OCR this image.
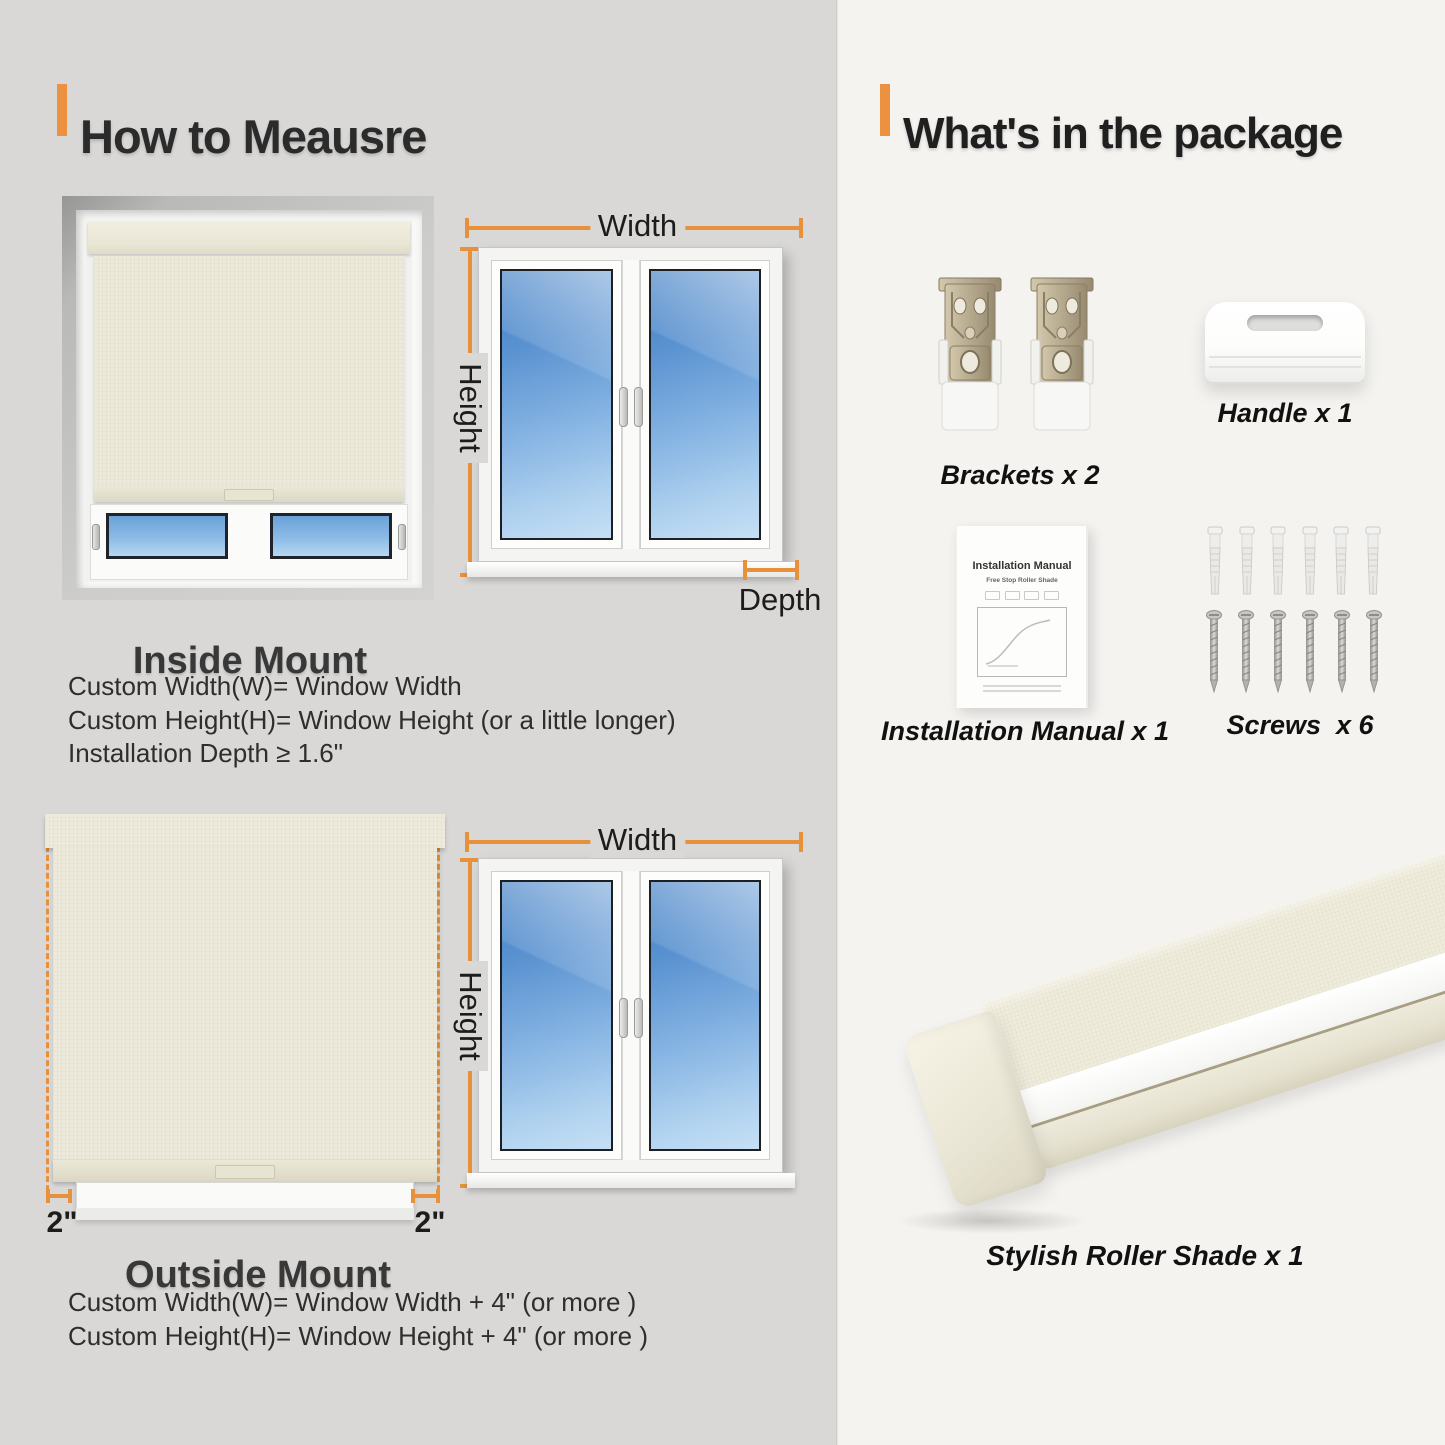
How to Meausre
Width
Height
Depth
Inside Mount

Custom Width(W)= Window Width

Custom Height(H)= Window Height (or a little longer)

Installation Depth ≥ 1.6"

2"	2"
Width
Height
Outside Mount

Custom Width(W)= Window Width + 4" (or more )

Custom Height(H)= Window Height + 4" (or more )

What's in the package
Brackets x 2
Handle x 1
Installation Manual
Free Stop Roller Shade
Installation Manual x 1	Screws  x 6
Stylish Roller Shade x 1
